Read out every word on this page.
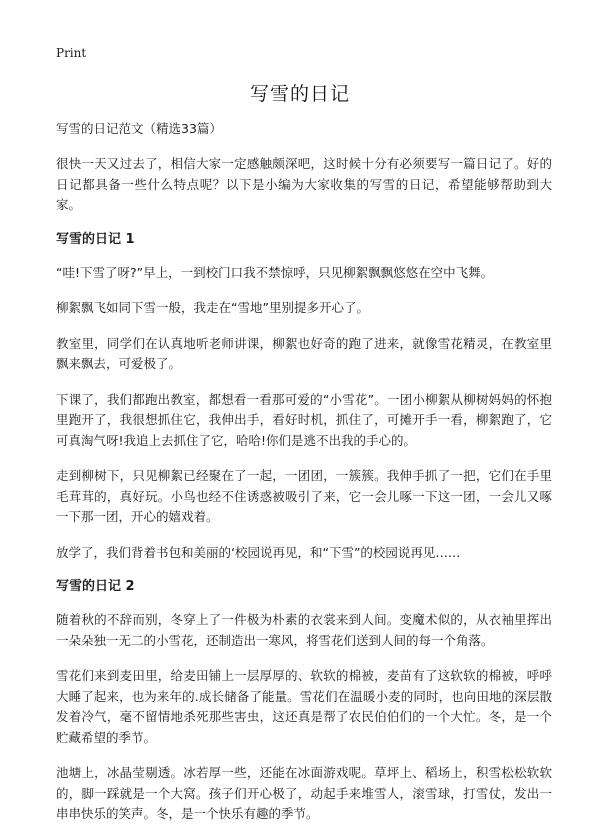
Print
写雪的日记
写雪的日记范文（精选33篇）

很快一天又过去了，相信大家一定感触颇深吧，这时候十分有必须要写一篇日记了。好的日记都具备一些什么特点呢？以下是小编为大家收集的写雪的日记，希望能够帮助到大家。

写雪的日记 1

“哇!下雪了呀?”早上，一到校门口我不禁惊呼，只见柳絮飘飘悠悠在空中飞舞。

柳絮飘飞如同下雪一般，我走在“雪地”里别提多开心了。

教室里，同学们在认真地听老师讲课，柳絮也好奇的跑了进来，就像雪花精灵，在教室里飘来飘去，可爱极了。

下课了，我们都跑出教室，都想看一看那可爱的“小雪花”。一团小柳絮从柳树妈妈的怀抱里跑开了，我很想抓住它，我伸出手，看好时机，抓住了，可摊开手一看，柳絮跑了，它可真淘气呀!我追上去抓住了它，哈哈!你们是逃不出我的手心的。

走到柳树下，只见柳絮已经聚在了一起，一团团，一簇簇。我伸手抓了一把，它们在手里毛茸茸的，真好玩。小鸟也经不住诱惑被吸引了来，它一会儿啄一下这一团，一会儿又啄一下那一团，开心的嬉戏着。

放学了，我们背着书包和美丽的‘校园说再见，和“下雪”的校园说再见……

写雪的日记 2

随着秋的不辞而别，冬穿上了一件极为朴素的衣裳来到人间。变魔术似的，从衣袖里挥出一朵朵独一无二的小雪花，还制造出一寒风，将雪花们送到人间的每一个角落。

雪花们来到麦田里，给麦田铺上一层厚厚的、软软的棉被，麦苗有了这软软的棉被，呼呼大睡了起来，也为来年的.成长储备了能量。雪花们在温暖小麦的同时，也向田地的深层散发着冷气，毫不留情地杀死那些害虫，这还真是帮了农民伯伯们的一个大忙。冬，是一个贮藏希望的季节。

池塘上，冰晶莹剔透。冰若厚一些，还能在冰面游戏呢。草坪上、稻场上，积雪松松软软的，脚一踩就是一个大窝。孩子们开心极了，动起手来堆雪人，滚雪球，打雪仗，发出一串串快乐的笑声。冬，是一个快乐有趣的季节。
